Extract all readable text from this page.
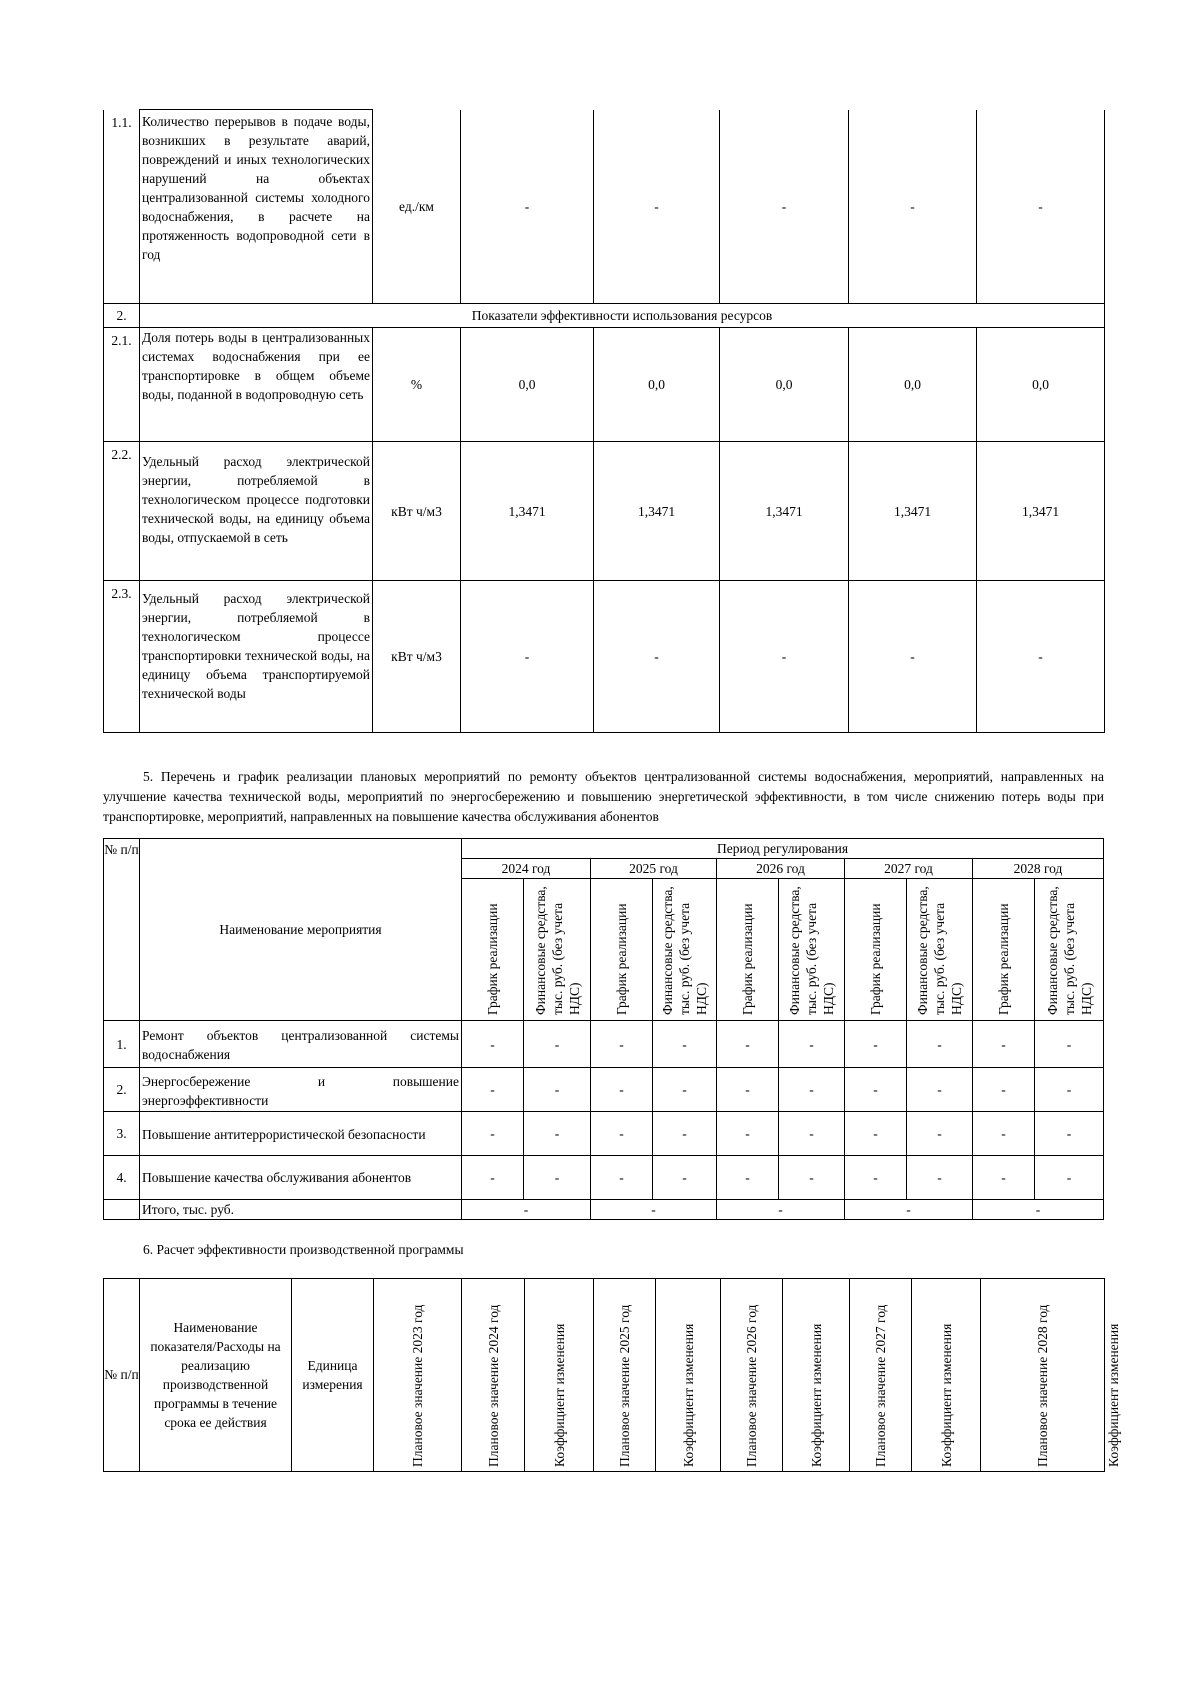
1.1.	Количество перерывов в подаче воды, возникших в результате аварий, повреждений и иных технологических нарушений на объектах централизованной системы холодного водоснабжения, в расчете на протяженность водопроводной сети в год	ед./км	-	-	-	-	-
2.	Показатели эффективности использования ресурсов						
2.1.	Доля потерь воды в централизованных системах водоснабжения при ее транспортировке в общем объеме воды, поданной в водопроводную сеть	%	0,0	0,0	0,0	0,0	0,0
2.2.	Удельный расход электрической энергии, потребляемой в технологическом процессе подготовки технической воды, на единицу объема воды, отпускаемой в сеть	кВт ч/м3	1,3471	1,3471	1,3471	1,3471	1,3471
2.3.	Удельный расход электрической энергии, потребляемой в технологическом процессе транспортировки технической воды, на единицу объема транспортируемой технической воды	кВт ч/м3	-	-	-	-	-
5. Перечень и график реализации плановых мероприятий по ремонту объектов централизованной системы водоснабжения, мероприятий, направленных на улучшение качества технической воды, мероприятий по энергосбережению и повышению энергетической эффективности, в том числе снижению потерь воды при транспортировке, мероприятий, направленных на повышение качества обслуживания абонентов
№ п/п	Наименование мероприятия	Период регулирования									
		2024 год		2025 год		2026 год		2027 год		2028 год	

		График реализации	Финансовые средства, тыс. руб. (без учета НДС)	График реализации	Финансовые средства, тыс. руб. (без учета НДС)	График реализации	Финансовые средства, тыс. руб. (без учета НДС)	График реализации	Финансовые средства, тыс. руб. (без учета НДС)	График реализации	Финансовые средства, тыс. руб. (без учета НДС)

1.	Ремонт объектов централизованной системы водоснабжения	-	-	-	-	-	-	-	-	-	-
2.	Энергосбережение и повышение энергоэффективности	-	-	-	-	-	-	-	-	-	-
3.	Повышение антитеррористической безопасности	-	-	-	-	-	-	-	-	-	-
4.	Повышение качества обслуживания абонентов	-	-	-	-	-	-	-	-	-	-
	Итого, тыс. руб.	-		-		-		-		-	
6. Расчет эффективности производственной программы
№ п/п	Наименование показателя/Расходы на реализацию производственной программы в течение срока ее действия	Единица измерения	Плановое значение 2023 год	Плановое значение 2024 год	Коэффициент изменения	Плановое значение 2025 год	Коэффициент изменения	Плановое значение 2026 год	Коэффициент изменения	Плановое значение 2027 год	Коэффициент изменения	Плановое значение 2028 год	Коэффициент изменения
